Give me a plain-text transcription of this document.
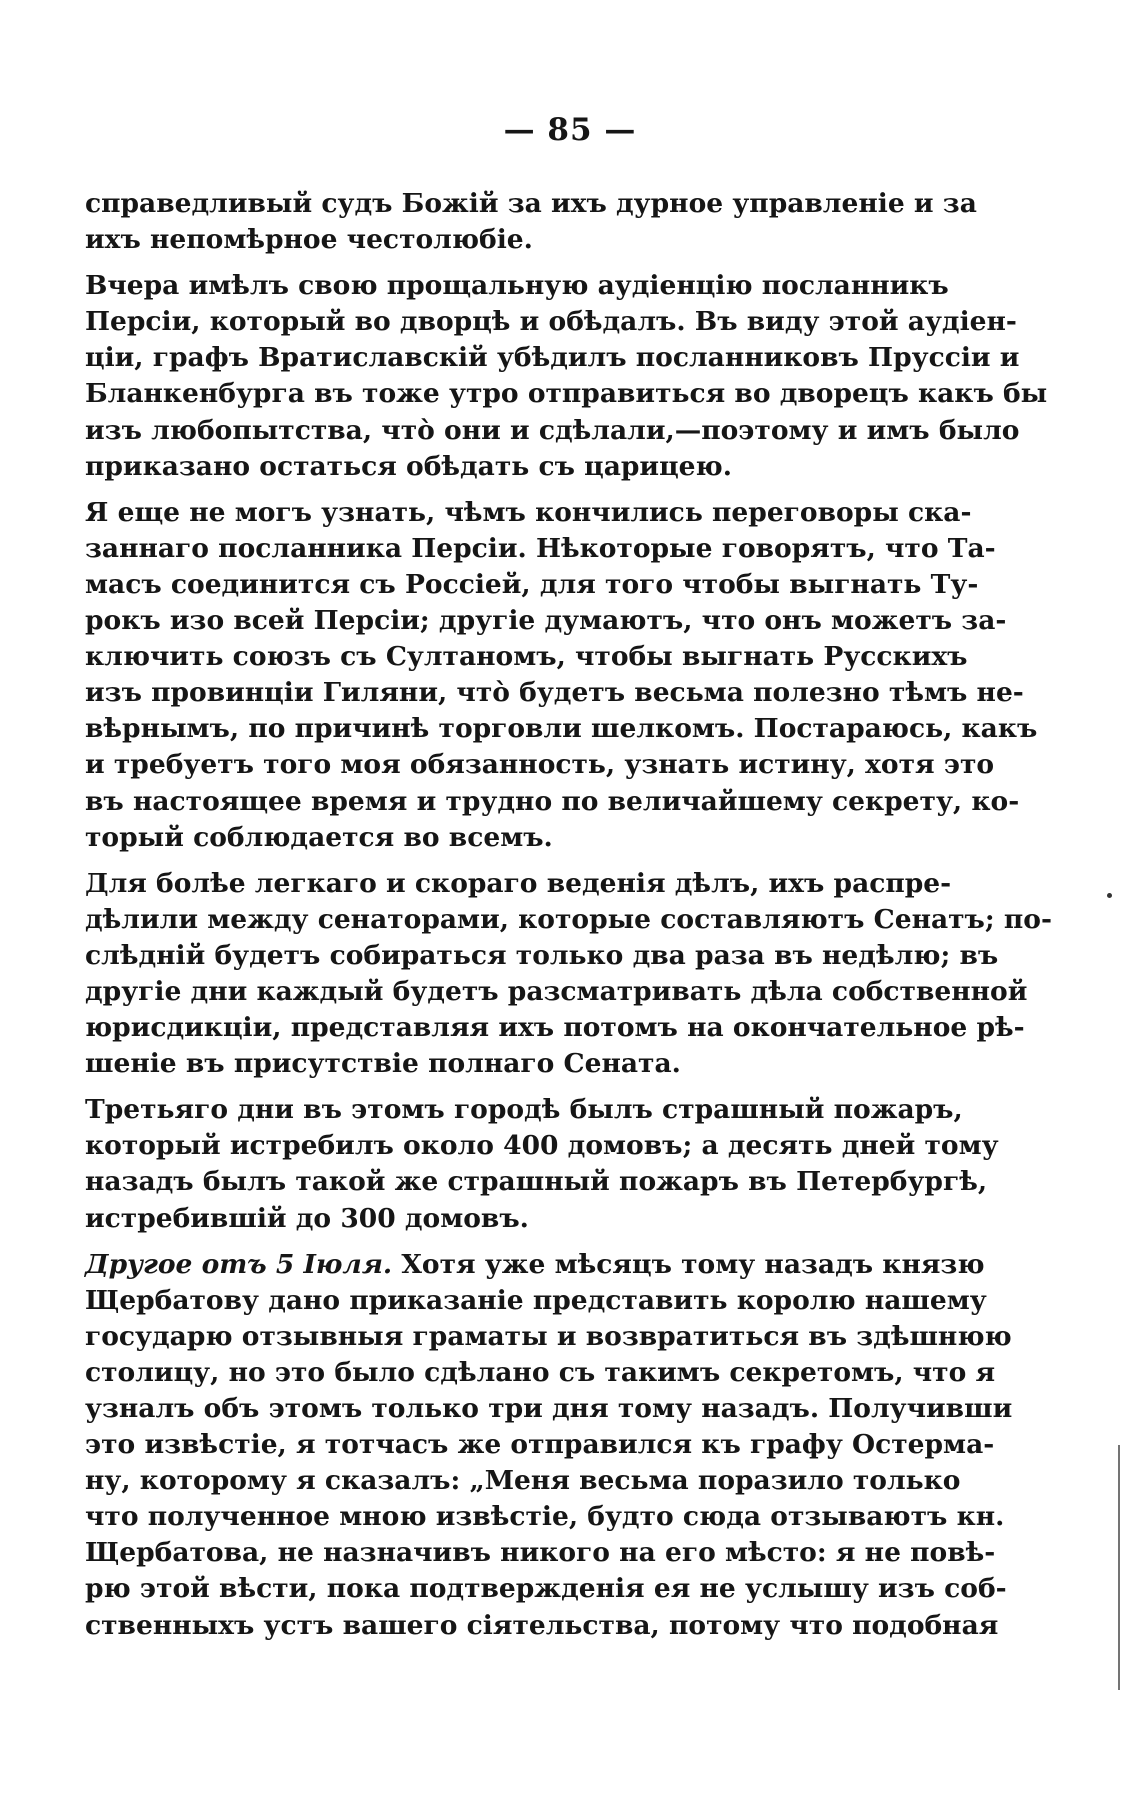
— 85 —

справедливый судъ Божій за ихъ дурное управленіе и за
ихъ непомѣрное честолюбіе.

Вчера имѣлъ свою прощальную аудіенцію посланникъ
Персіи, который во дворцѣ и обѣдалъ. Въ виду этой аудіен-
ціи, графъ Вратиславскій убѣдилъ посланниковъ Пруссіи и
Бланкенбурга въ тоже утро отправиться во дворецъ какъ бы
изъ любопытства, чтò они и сдѣлали,—поэтому и имъ было
приказано остаться обѣдать съ царицею.

Я еще не могъ узнать, чѣмъ кончились переговоры ска-
заннаго посланника Персіи. Нѣкоторые говорятъ, что Та-
масъ соединится съ Россіей, для того чтобы выгнать Ту-
рокъ изо всей Персіи; другіе думаютъ, что онъ можетъ за-
ключить союзъ съ Султаномъ, чтобы выгнать Русскихъ
изъ провинціи Гиляни, чтò будетъ весьма полезно тѣмъ не-
вѣрнымъ, по причинѣ торговли шелкомъ. Постараюсь, какъ
и требуетъ того моя обязанность, узнать истину, хотя это
въ настоящее время и трудно по величайшему секрету, ко-
торый соблюдается во всемъ.

Для болѣе легкаго и скораго веденія дѣлъ, ихъ распре-
дѣлили между сенаторами, которые составляютъ Сенатъ; по-
слѣдній будетъ собираться только два раза въ недѣлю; въ
другіе дни каждый будетъ разсматривать дѣла собственной
юрисдикціи, представляя ихъ потомъ на окончательное рѣ-
шеніе въ присутствіе полнаго Сената.

Третьяго дни въ этомъ городѣ былъ страшный пожаръ,
который истребилъ около 400 домовъ; а десять дней тому
назадъ былъ такой же страшный пожаръ въ Петербургѣ,
истребившій до 300 домовъ.

Другое отъ 5 Іюля. Хотя уже мѣсяцъ тому назадъ князю
Щербатову дано приказаніе представить королю нашему
государю отзывныя граматы и возвратиться въ здѣшнюю
столицу, но это было сдѣлано съ такимъ секретомъ, что я
узналъ объ этомъ только три дня тому назадъ. Получивши
это извѣстіе, я тотчасъ же отправился къ графу Остерма-
ну, которому я сказалъ: „Меня весьма поразило только
что полученное мною извѣстіе, будто сюда отзываютъ кн.
Щербатова, не назначивъ никого на его мѣсто: я не повѣ-
рю этой вѣсти, пока подтвержденія ея не услышу изъ соб-
ственныхъ устъ вашего сіятельства, потому что подобная
